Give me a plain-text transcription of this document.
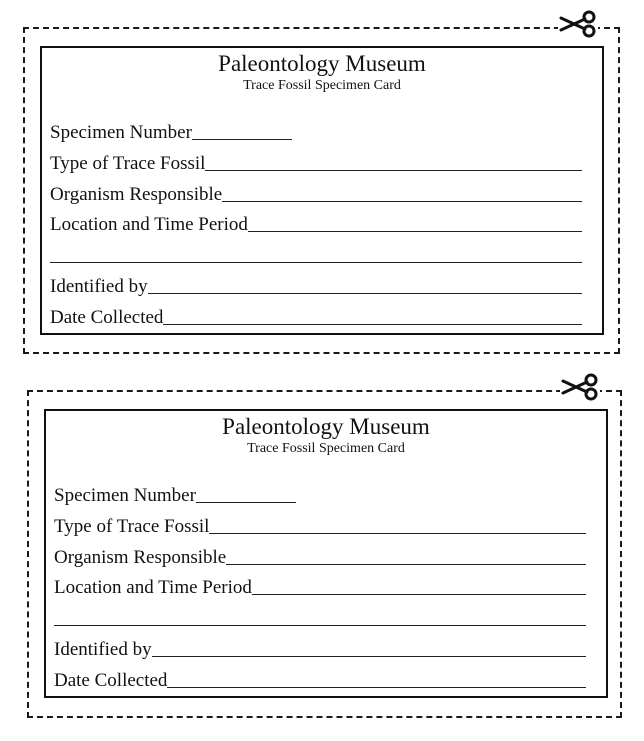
Paleontology Museum
Trace Fossil Specimen Card
Specimen Number
Type of Trace Fossil
Organism Responsible
Location and Time Period
Identified by
Date Collected
Paleontology Museum
Trace Fossil Specimen Card
Specimen Number
Type of Trace Fossil
Organism Responsible
Location and Time Period
Identified by
Date Collected
